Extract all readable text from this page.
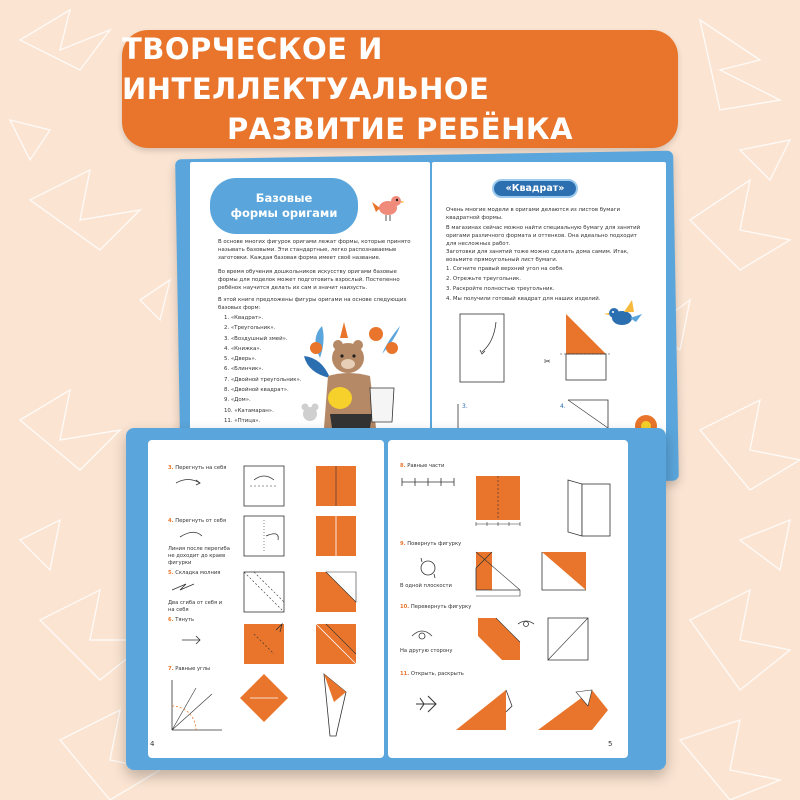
ТВОРЧЕСКОЕ И ИНТЕЛЛЕКТУАЛЬНОЕ
РАЗВИТИЕ РЕБЁНКА
Базовые
формы оригами
В основе многих фигурок оригами лежат формы, которые принято называть базовыми. Эти стандартные, легко распознаваемые заготовки. Каждая базовая форма имеет своё название.
Во время обучения дошкольников искусству оригами базовые формы для поделок может подготовить взрослый. Постепенно ребёнок научится делать их сам и значит наизусть.
В этой книге предложены фигуры оригами на основе следующих базовых форм:
1. «Квадрат».
2. «Треугольник».
3. «Воздушный змей».
4. «Книжка».
5. «Дверь».
6. «Блинчик».
7. «Двойной треугольник».
8. «Двойной квадрат».
9. «Дом».
10. «Катамаран».
11. «Птица».
«Квадрат»
Очень многие модели в оригами делаются из листов бумаги квадратной формы.
В магазинах сейчас можно найти специальную бумагу для занятий оригами различного формата и оттенков. Она идеально подходит для несложных работ.
Заготовки для занятий тоже можно сделать дома самим. Итак, возьмите прямоугольный лист бумаги.
1. Согните правый верхний угол на себя.
2. Отрежьте треугольник.
3. Раскройте полностью треугольник.
4. Мы получили готовый квадрат для наших изделий.
✂
3.	4.
3. Перегнуть на себя
4. Перегнуть от себя
Линия после перегиба не доходит до краев фигурки
5. Складка молния
Два сгиба от себя и на себя
6. Тянуть
7. Равные углы
4
8. Равные части
9. Повернуть фигурку
В одной плоскости
10. Перевернуть фигурку
На другую сторону
11. Открыть, раскрыть
5
